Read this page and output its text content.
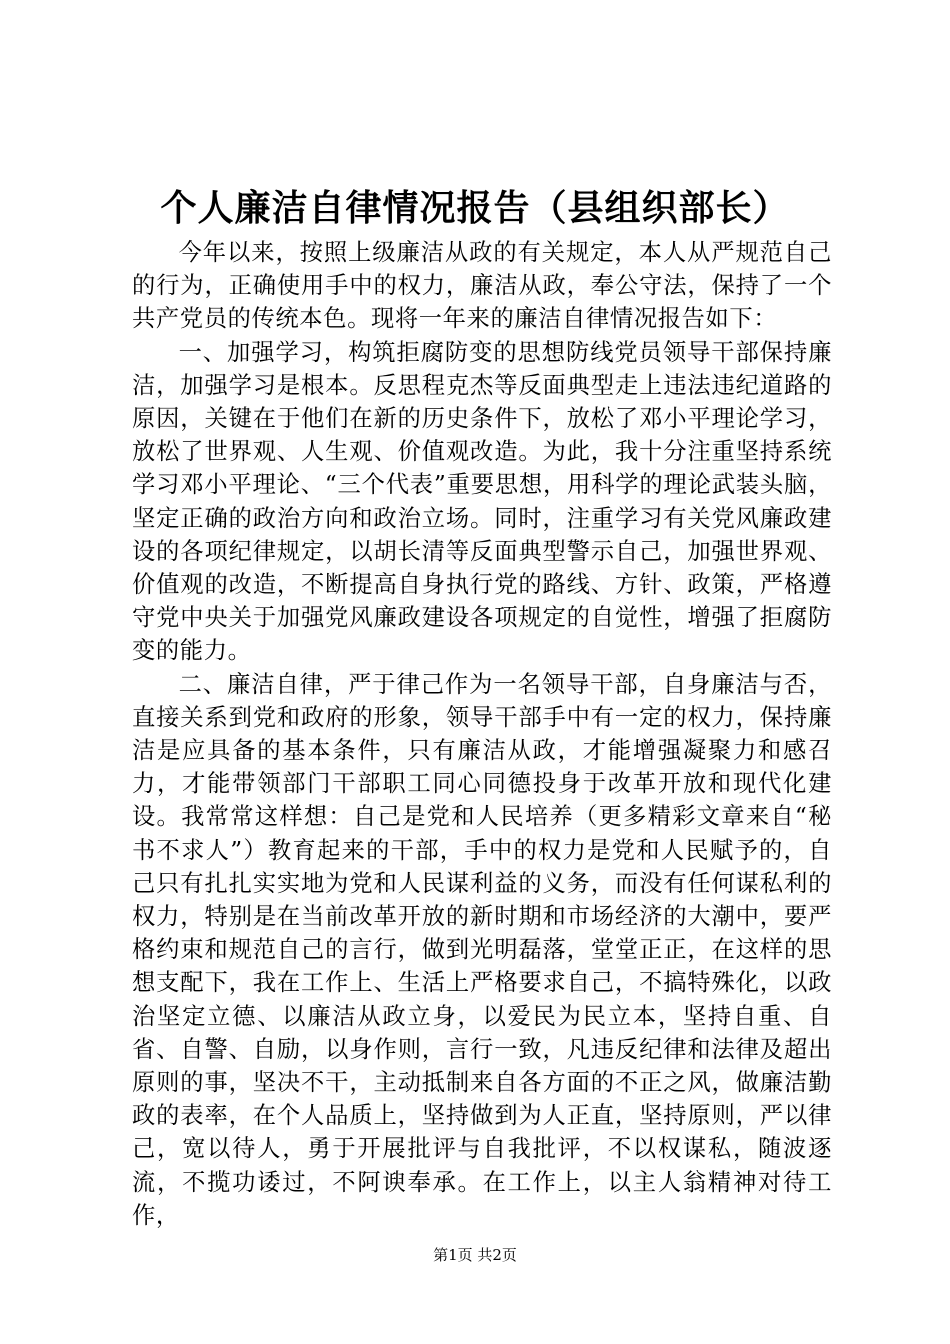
个人廉洁自律情况报告（县组织部长）

今年以来，按照上级廉洁从政的有关规定，本人从严规范自己的行为，正确使用手中的权力，廉洁从政，奉公守法，保持了一个共产党员的传统本色。现将一年来的廉洁自律情况报告如下：

一、加强学习，构筑拒腐防变的思想防线党员领导干部保持廉洁，加强学习是根本。反思程克杰等反面典型走上违法违纪道路的原因，关键在于他们在新的历史条件下，放松了邓小平理论学习，放松了世界观、人生观、价值观改造。为此，我十分注重坚持系统学习邓小平理论、“三个代表”重要思想，用科学的理论武装头脑，坚定正确的政治方向和政治立场。同时，注重学习有关党风廉政建设的各项纪律规定，以胡长清等反面典型警示自己，加强世界观、价值观的改造，不断提高自身执行党的路线、方针、政策，严格遵守党中央关于加强党风廉政建设各项规定的自觉性，增强了拒腐防变的能力。

二、廉洁自律，严于律己作为一名领导干部，自身廉洁与否，直接关系到党和政府的形象，领导干部手中有一定的权力，保持廉洁是应具备的基本条件，只有廉洁从政，才能增强凝聚力和感召力，才能带领部门干部职工同心同德投身于改革开放和现代化建设。我常常这样想：自己是党和人民培养（更多精彩文章来自“秘书不求人”）教育起来的干部，手中的权力是党和人民赋予的，自己只有扎扎实实地为党和人民谋利益的义务，而没有任何谋私利的权力，特别是在当前改革开放的新时期和市场经济的大潮中，要严格约束和规范自己的言行，做到光明磊落，堂堂正正，在这样的思想支配下，我在工作上、生活上严格要求自己，不搞特殊化，以政治坚定立德、以廉洁从政立身，以爱民为民立本，坚持自重、自省、自警、自励，以身作则，言行一致，凡违反纪律和法律及超出原则的事，坚决不干，主动抵制来自各方面的不正之风，做廉洁勤政的表率，在个人品质上，坚持做到为人正直，坚持原则，严以律己，宽以待人，勇于开展批评与自我批评，不以权谋私，随波逐流，不揽功诿过，不阿谀奉承。在工作上，以主人翁精神对待工作，

第1页 共2页
